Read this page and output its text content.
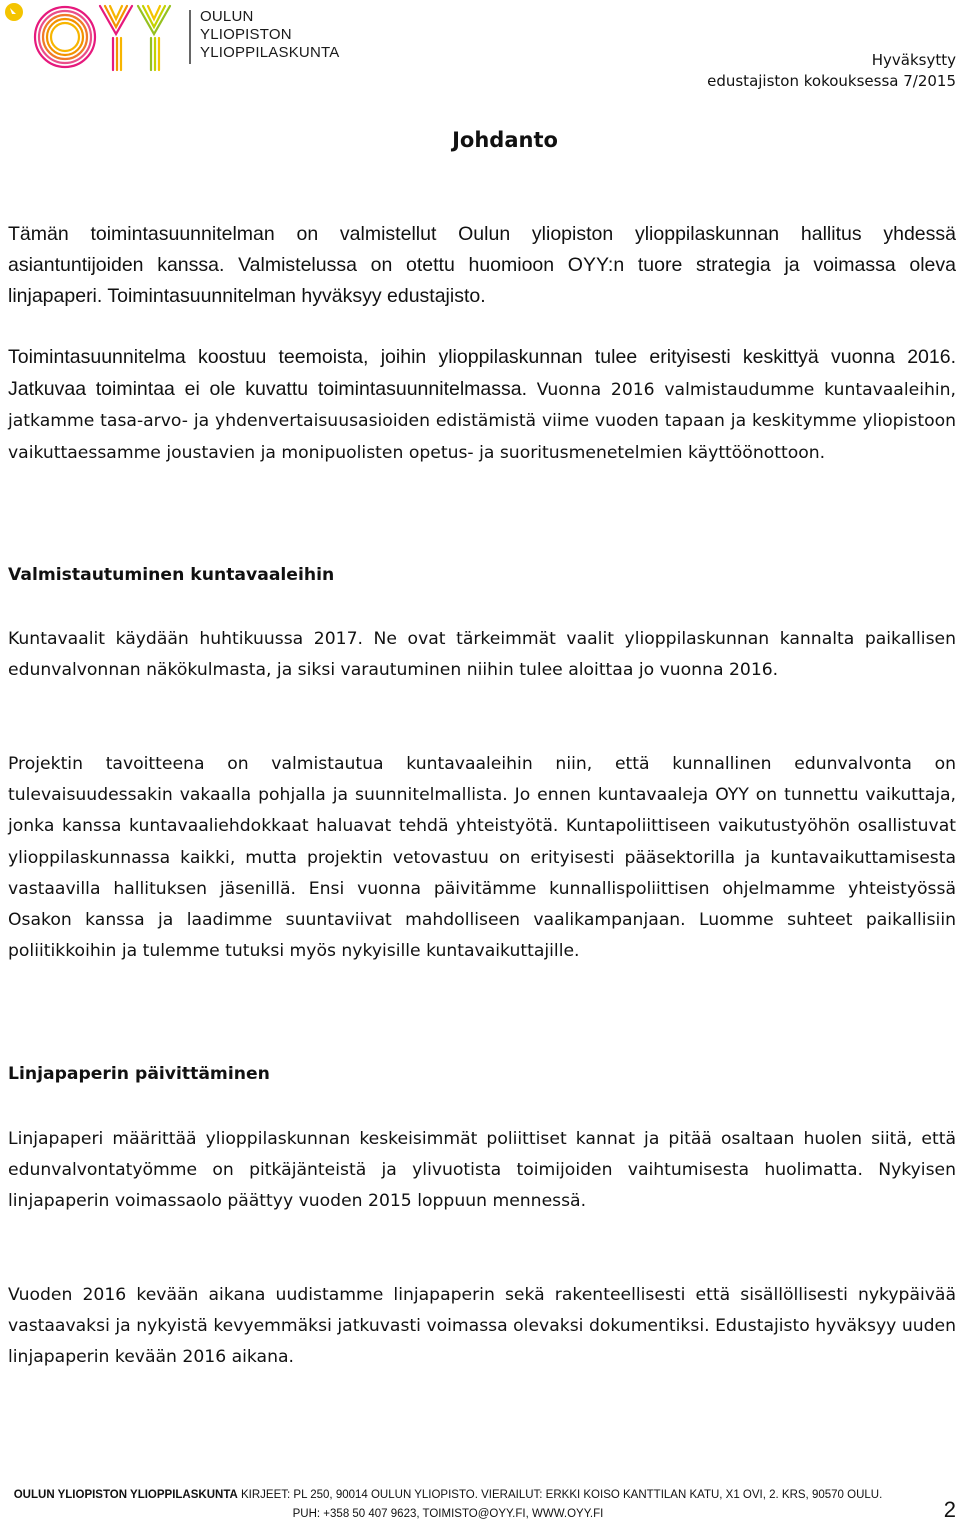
OULUN
YLIOPISTON
YLIOPPILASKUNTA	Hyväksytty
edustajiston kokouksessa 7/2015
Johdanto

Tämän toimintasuunnitelman on valmistellut Oulun yliopiston ylioppilaskunnan hallitus yhdessä asiantuntijoiden kanssa. Valmistelussa on otettu huomioon OYY:n tuore strategia ja voimassa oleva linjapaperi. Toimintasuunnitelman hyväksyy edustajisto.

Toimintasuunnitelma koostuu teemoista, joihin ylioppilaskunnan tulee erityisesti keskittyä vuonna 2016. Jatkuvaa toimintaa ei ole kuvattu toimintasuunnitelmassa. Vuonna 2016 valmistaudumme kuntavaaleihin, jatkamme tasa-arvo- ja yhdenvertaisuusasioiden edistämistä viime vuoden tapaan ja keskitymme yliopistoon vaikuttaessamme joustavien ja monipuolisten opetus- ja suoritusmenetelmien käyttöönottoon.

Valmistautuminen kuntavaaleihin

Kuntavaalit käydään huhtikuussa 2017. Ne ovat tärkeimmät vaalit ylioppilaskunnan kannalta paikallisen edunvalvonnan näkökulmasta, ja siksi varautuminen niihin tulee aloittaa jo vuonna 2016.

Projektin tavoitteena on valmistautua kuntavaaleihin niin, että kunnallinen edunvalvonta on tulevaisuudessakin vakaalla pohjalla ja suunnitelmallista. Jo ennen kuntavaaleja OYY on tunnettu vaikuttaja, jonka kanssa kuntavaaliehdokkaat haluavat tehdä yhteistyötä. Kuntapoliittiseen vaikutustyöhön osallistuvat ylioppilaskunnassa kaikki, mutta projektin vetovastuu on erityisesti pääsektorilla ja kuntavaikuttamisesta vastaavilla hallituksen jäsenillä. Ensi vuonna päivitämme kunnallispoliittisen ohjelmamme yhteistyössä Osakon kanssa ja laadimme suuntaviivat mahdolliseen vaalikampanjaan. Luomme suhteet paikallisiin poliitikkoihin ja tulemme tutuksi myös nykyisille kuntavaikuttajille.

Linjapaperin päivittäminen

Linjapaperi määrittää ylioppilaskunnan keskeisimmät poliittiset kannat ja pitää osaltaan huolen siitä, että edunvalvontatyömme on pitkäjänteistä ja ylivuotista toimijoiden vaihtumisesta huolimatta. Nykyisen linjapaperin voimassaolo päättyy vuoden 2015 loppuun mennessä.

Vuoden 2016 kevään aikana uudistamme linjapaperin sekä rakenteellisesti että sisällöllisesti nykypäivää vastaavaksi ja nykyistä kevyemmäksi jatkuvasti voimassa olevaksi dokumentiksi. Edustajisto hyväksyy uuden linjapaperin kevään 2016 aikana.

OULUN YLIOPISTON YLIOPPILASKUNTA KIRJEET: PL 250, 90014 OULUN YLIOPISTO. VIERAILUT: ERKKI KOISO KANTTILAN KATU, X1 OVI, 2. KRS, 90570 OULU.
PUH: +358 50 407 9623, TOIMISTO@OYY.FI, WWW.OYY.FI	2
